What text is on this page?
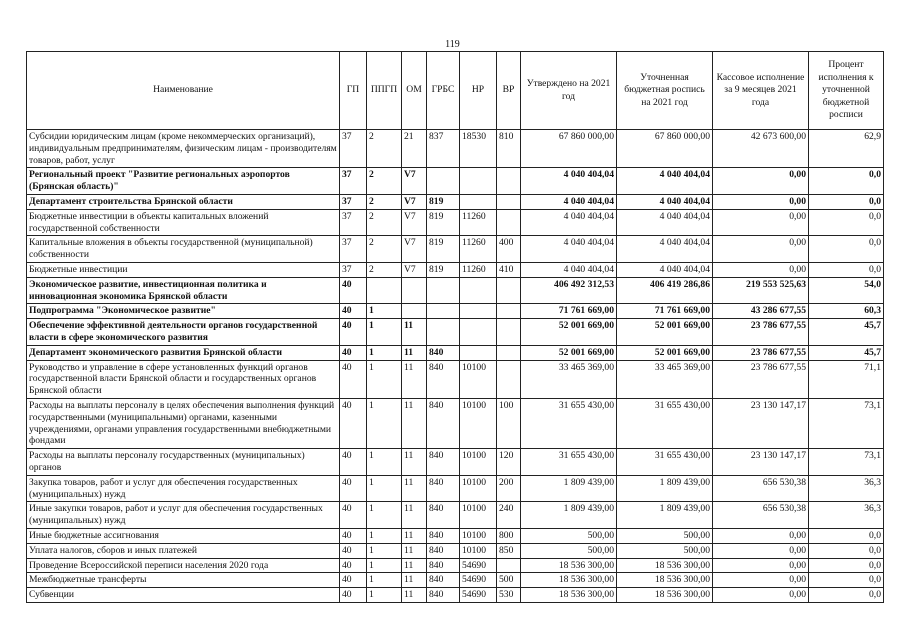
119
Наименование	ГП	ППГП	ОМ	ГРБС	НР	ВР	Утверждено на 2021 год	Уточненная бюджетная роспись на 2021 год	Кассовое исполнение за 9 месяцев 2021 года	Процент исполнения к уточненной бюджетной росписи
Субсидии юридическим лицам (кроме некоммерческих организаций), индивидуальным предпринимателям, физическим лицам - производителям товаров, работ, услуг	37	2	21	837	18530	810	67 860 000,00	67 860 000,00	42 673 600,00	62,9
Региональный проект "Развитие региональных аэропортов (Брянская область)"	37	2	V7				4 040 404,04	4 040 404,04	0,00	0,0
Департамент строительства Брянской области	37	2	V7	819			4 040 404,04	4 040 404,04	0,00	0,0
Бюджетные инвестиции в объекты капитальных вложений государственной собственности	37	2	V7	819	11260		4 040 404,04	4 040 404,04	0,00	0,0
Капитальные вложения в объекты государственной (муниципальной) собственности	37	2	V7	819	11260	400	4 040 404,04	4 040 404,04	0,00	0,0
Бюджетные инвестиции	37	2	V7	819	11260	410	4 040 404,04	4 040 404,04	0,00	0,0
Экономическое развитие, инвестиционная политика и инновационная экономика Брянской области	40						406 492 312,53	406 419 286,86	219 553 525,63	54,0
Подпрограмма "Экономическое развитие"	40	1					71 761 669,00	71 761 669,00	43 286 677,55	60,3
Обеспечение эффективной деятельности органов государственной власти в сфере экономического развития	40	1	11				52 001 669,00	52 001 669,00	23 786 677,55	45,7
Департамент экономического развития Брянской области	40	1	11	840			52 001 669,00	52 001 669,00	23 786 677,55	45,7
Руководство и управление в сфере установленных функций органов государственной власти Брянской области и государственных органов Брянской области	40	1	11	840	10100		33 465 369,00	33 465 369,00	23 786 677,55	71,1
Расходы на выплаты персоналу в целях обеспечения выполнения функций государственными (муниципальными) органами, казенными учреждениями, органами управления государственными внебюджетными фондами	40	1	11	840	10100	100	31 655 430,00	31 655 430,00	23 130 147,17	73,1
Расходы на выплаты персоналу государственных (муниципальных) органов	40	1	11	840	10100	120	31 655 430,00	31 655 430,00	23 130 147,17	73,1
Закупка товаров, работ и услуг для обеспечения государственных (муниципальных) нужд	40	1	11	840	10100	200	1 809 439,00	1 809 439,00	656 530,38	36,3
Иные закупки товаров, работ и услуг для обеспечения государственных (муниципальных) нужд	40	1	11	840	10100	240	1 809 439,00	1 809 439,00	656 530,38	36,3
Иные бюджетные ассигнования	40	1	11	840	10100	800	500,00	500,00	0,00	0,0
Уплата налогов, сборов и иных платежей	40	1	11	840	10100	850	500,00	500,00	0,00	0,0
Проведение Всероссийской переписи населения 2020 года	40	1	11	840	54690		18 536 300,00	18 536 300,00	0,00	0,0
Межбюджетные трансферты	40	1	11	840	54690	500	18 536 300,00	18 536 300,00	0,00	0,0
Субвенции	40	1	11	840	54690	530	18 536 300,00	18 536 300,00	0,00	0,0
